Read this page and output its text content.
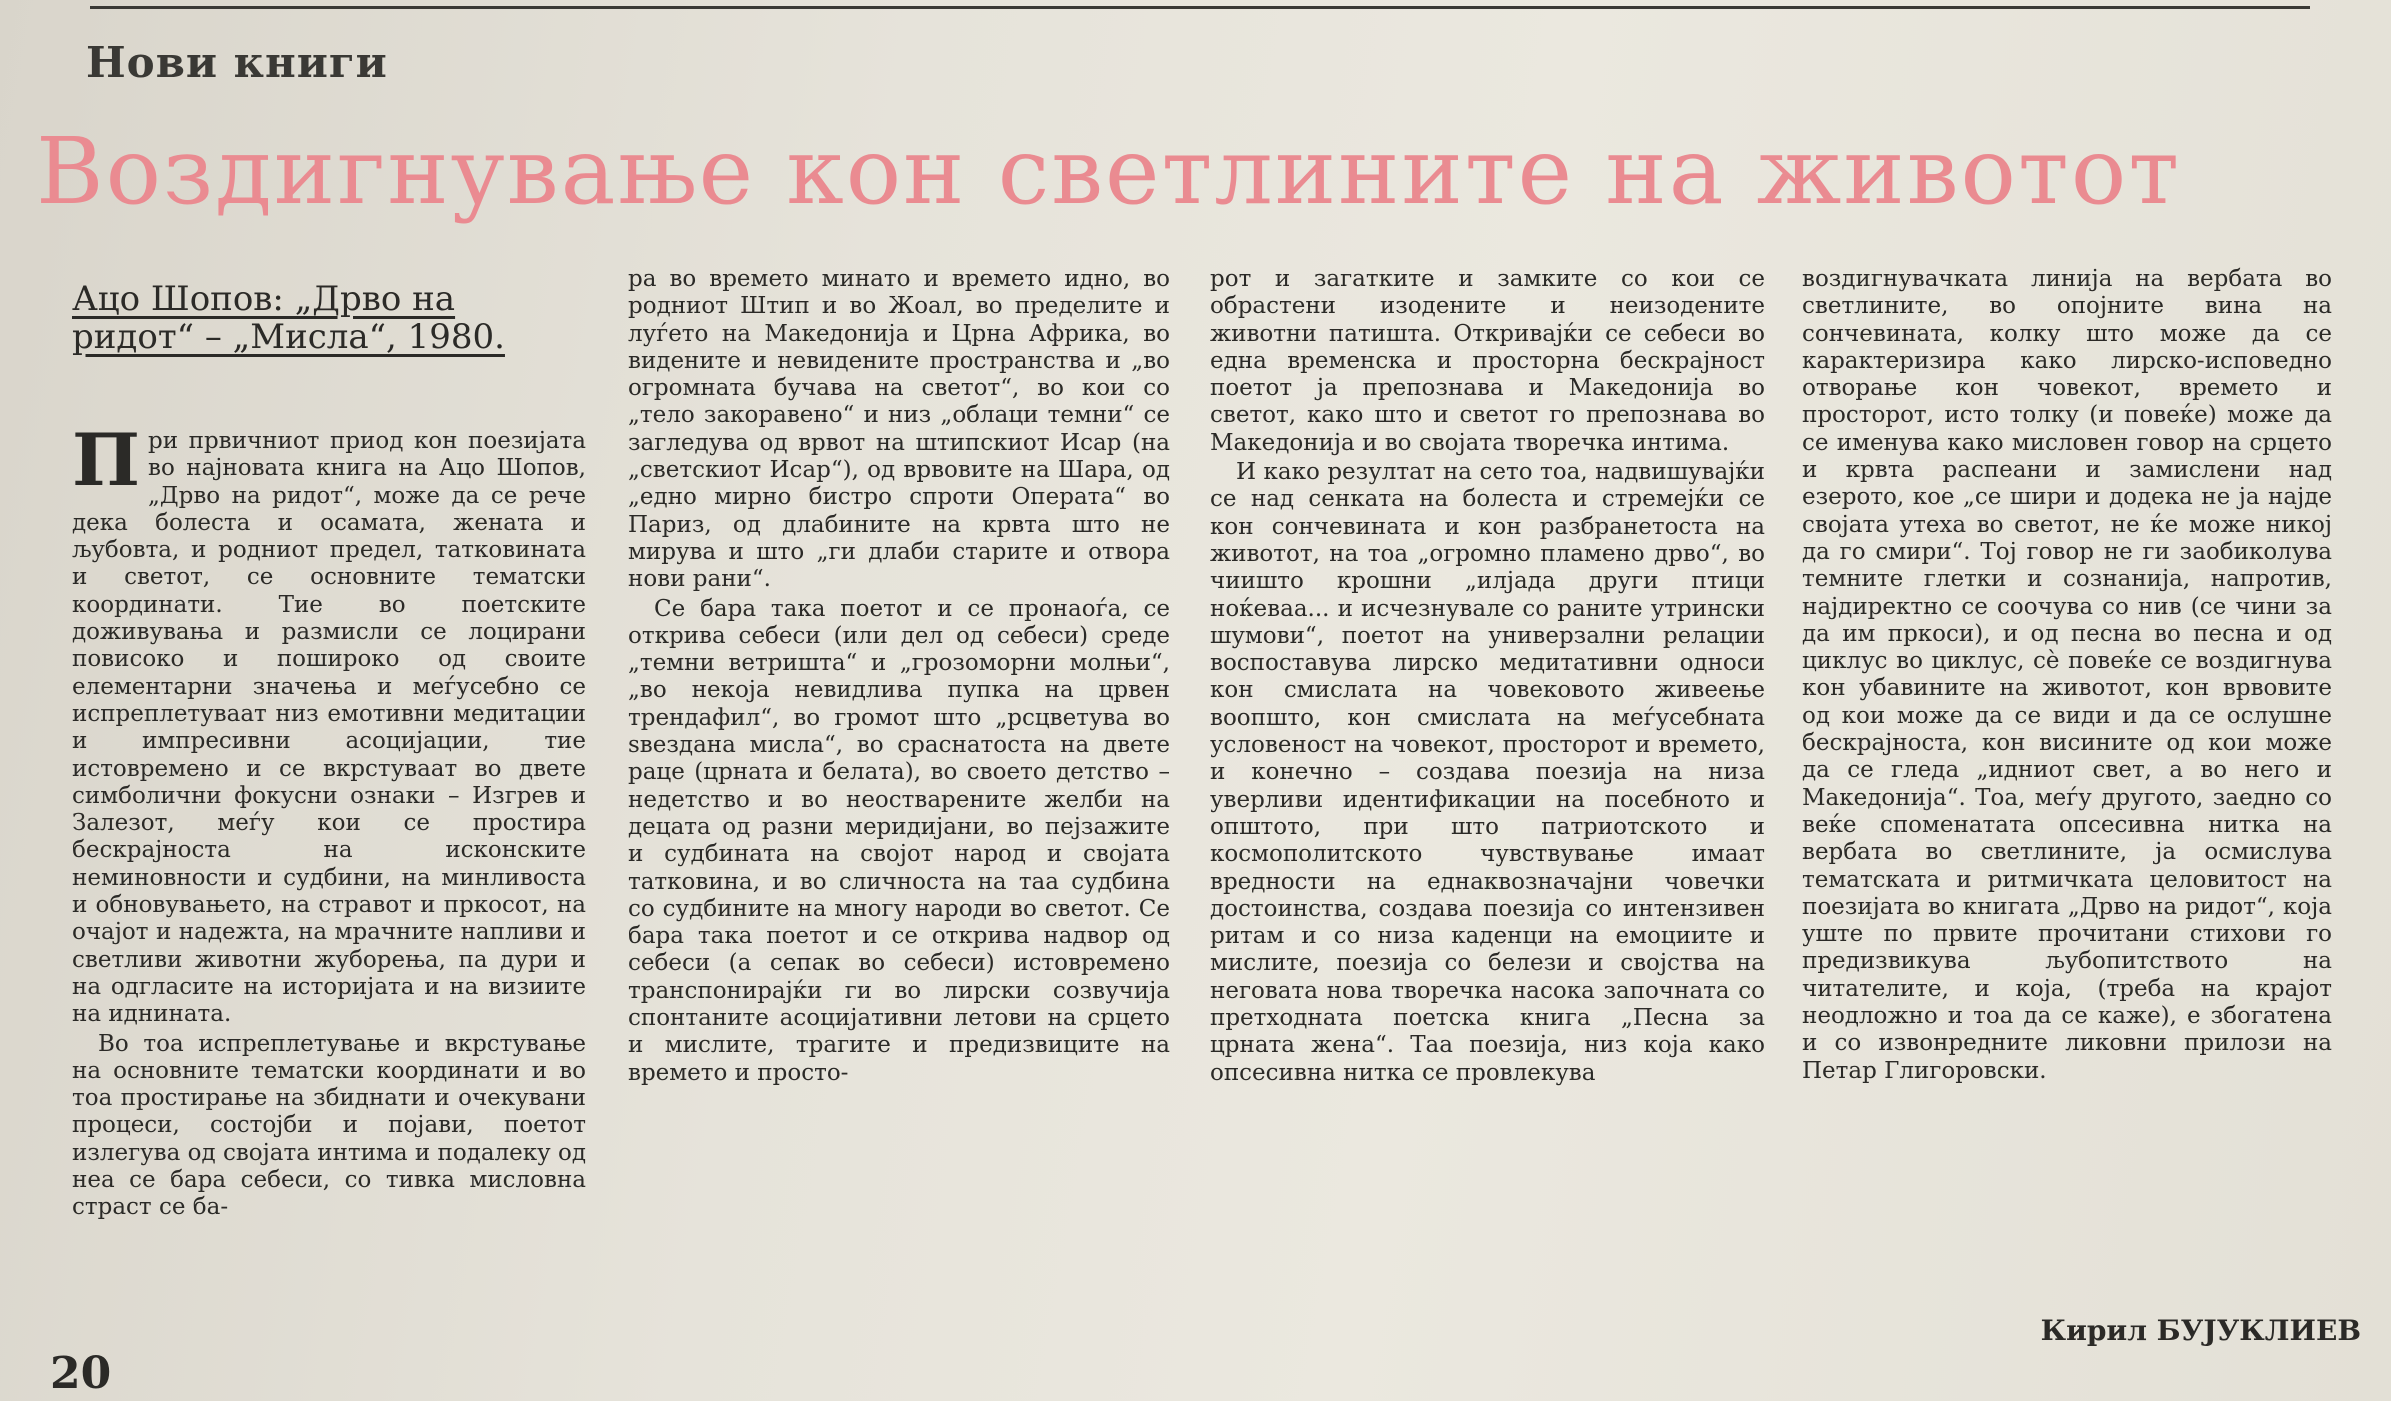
Нови книги
Воздигнување кон светлините на животот

Ацо Шопов: „Дрво на ридот“ – „Мисла“, 1980.

При првичниот приод кон поезијата во најновата книга на Ацо Шопов, „Дрво на ридот“, може да се рече дека болеста и осамата, жената и љубовта, и родниот предел, татковината и светот, се основните тематски координати. Тие во поетските доживувања и размисли се лоцирани повисоко и пошироко од своите елементарни значења и меѓусебно се испреплетуваат низ емотивни медитации и импресивни асоцијации, тие истовремено и се вкрстуваат во двете симболични фокусни ознаки – Изгрев и Залезот, меѓу кои се простира бескрајноста на исконските неминовности и судбини, на минливоста и обновувањето, на стравот и пркосот, на очајот и надежта, на мрачните напливи и светливи животни жуборења, па дури и на одгласите на историјата и на визиите на иднината.

Во тоа испреплетување и вкрстување на основните тематски координати и во тоа простирање на збиднати и очекувани процеси, состојби и појави, поетот излегува од својата интима и подалеку од неа се бара себеси, со тивка мисловна страст се ба-

ра во времето минато и времето идно, во родниот Штип и во Жоал, во пределите и луѓето на Македонија и Црна Африка, во видените и невидените пространства и „во огромната бучава на светот“, во кои со „тело закоравено“ и низ „облаци темни“ се загледува од врвот на штипскиот Исар (на „светскиот Исар“), од врвовите на Шара, од „едно мирно бистро спроти Операта“ во Париз, од длабините на крвта што не мирува и што „ги длаби старите и отвора нови рани“.

Се бара така поетот и се пронаоѓа, се открива себеси (или дел од себеси) среде „темни ветришта“ и „грозоморни молњи“, „во некоја невидлива пупка на црвен трендафил“, во громот што „рсцветува во ѕвездана мисла“, во сраснатоста на двете раце (црната и белата), во своето детство – недетство и во неостварените желби на децата од разни меридијани, во пејзажите и судбината на својот народ и својата татковина, и во сличноста на таа судбина со судбините на многу народи во светот. Се бара така поетот и се открива надвор од себеси (а сепак во себеси) истовремено транспонирајќи ги во лирски созвучија спонтаните асоцијативни летови на срцето и мислите, трагите и предизвиците на времето и просто-

рот и загатките и замките со кои се обрастени изодените и неизодените животни патишта. Откривајќи се себеси во една временска и просторна бескрајност поетот ја препознава и Македонија во светот, како што и светот го препознава во Македонија и во својата творечка интима.

И како резултат на сето тоа, надвишувајќи се над сенката на болеста и стремејќи се кон сончевината и кон разбранетоста на животот, на тоа „огромно пламено дрво“, во чиишто крошни „илјада други птици ноќеваа... и исчезнувале со раните утрински шумови“, поетот на универзални релации воспоставува лирско медитативни односи кон смислата на човековото живеење воопшто, кон смислата на меѓусебната условеност на човекот, просторот и времето, и конечно – создава поезија на низа уверливи идентификации на посебното и општото, при што патриотското и космополитското чувствување имаат вредности на еднаквозначајни човечки достоинства, создава поезија со интензивен ритам и со низа каденци на емоциите и мислите, поезија со белези и својства на неговата нова творечка насока започната со претходната поетска книга „Песна за црната жена“. Таа поезија, низ која како опсесивна нитка се провлекува

воздигнувачката линија на вербата во светлините, во опојните вина на сончевината, колку што може да се карактеризира како лирско-исповедно отворање кон човекот, времето и просторот, исто толку (и повеќе) може да се именува како мисловен говор на срцето и крвта распеани и замислени над езерото, кое „се шири и додека не ја најде својата утеха во светот, не ќе може никој да го смири“. Тој говор не ги заобиколува темните глетки и сознанија, напротив, најдиректно се соочува со нив (се чини за да им пркоси), и од песна во песна и од циклус во циклус, сè повеќе се воздигнува кон убавините на животот, кон врвовите од кои може да се види и да се ослушне бескрајноста, кон висините од кои може да се гледа „идниот свет, а во него и Македонија“. Тоа, меѓу другото, заедно со веќе споменатата опсесивна нитка на вербата во светлините, ја осмислува тематската и ритмичката целовитост на поезијата во книгата „Дрво на ридот“, која уште по првите прочитани стихови го предизвикува љубопитството на читателите, и која, (треба на крајот неодложно и тоа да се каже), е збогатена и со извонредните ликовни прилози на Петар Глигоровски.

Кирил БУЈУКЛИЕВ

20
